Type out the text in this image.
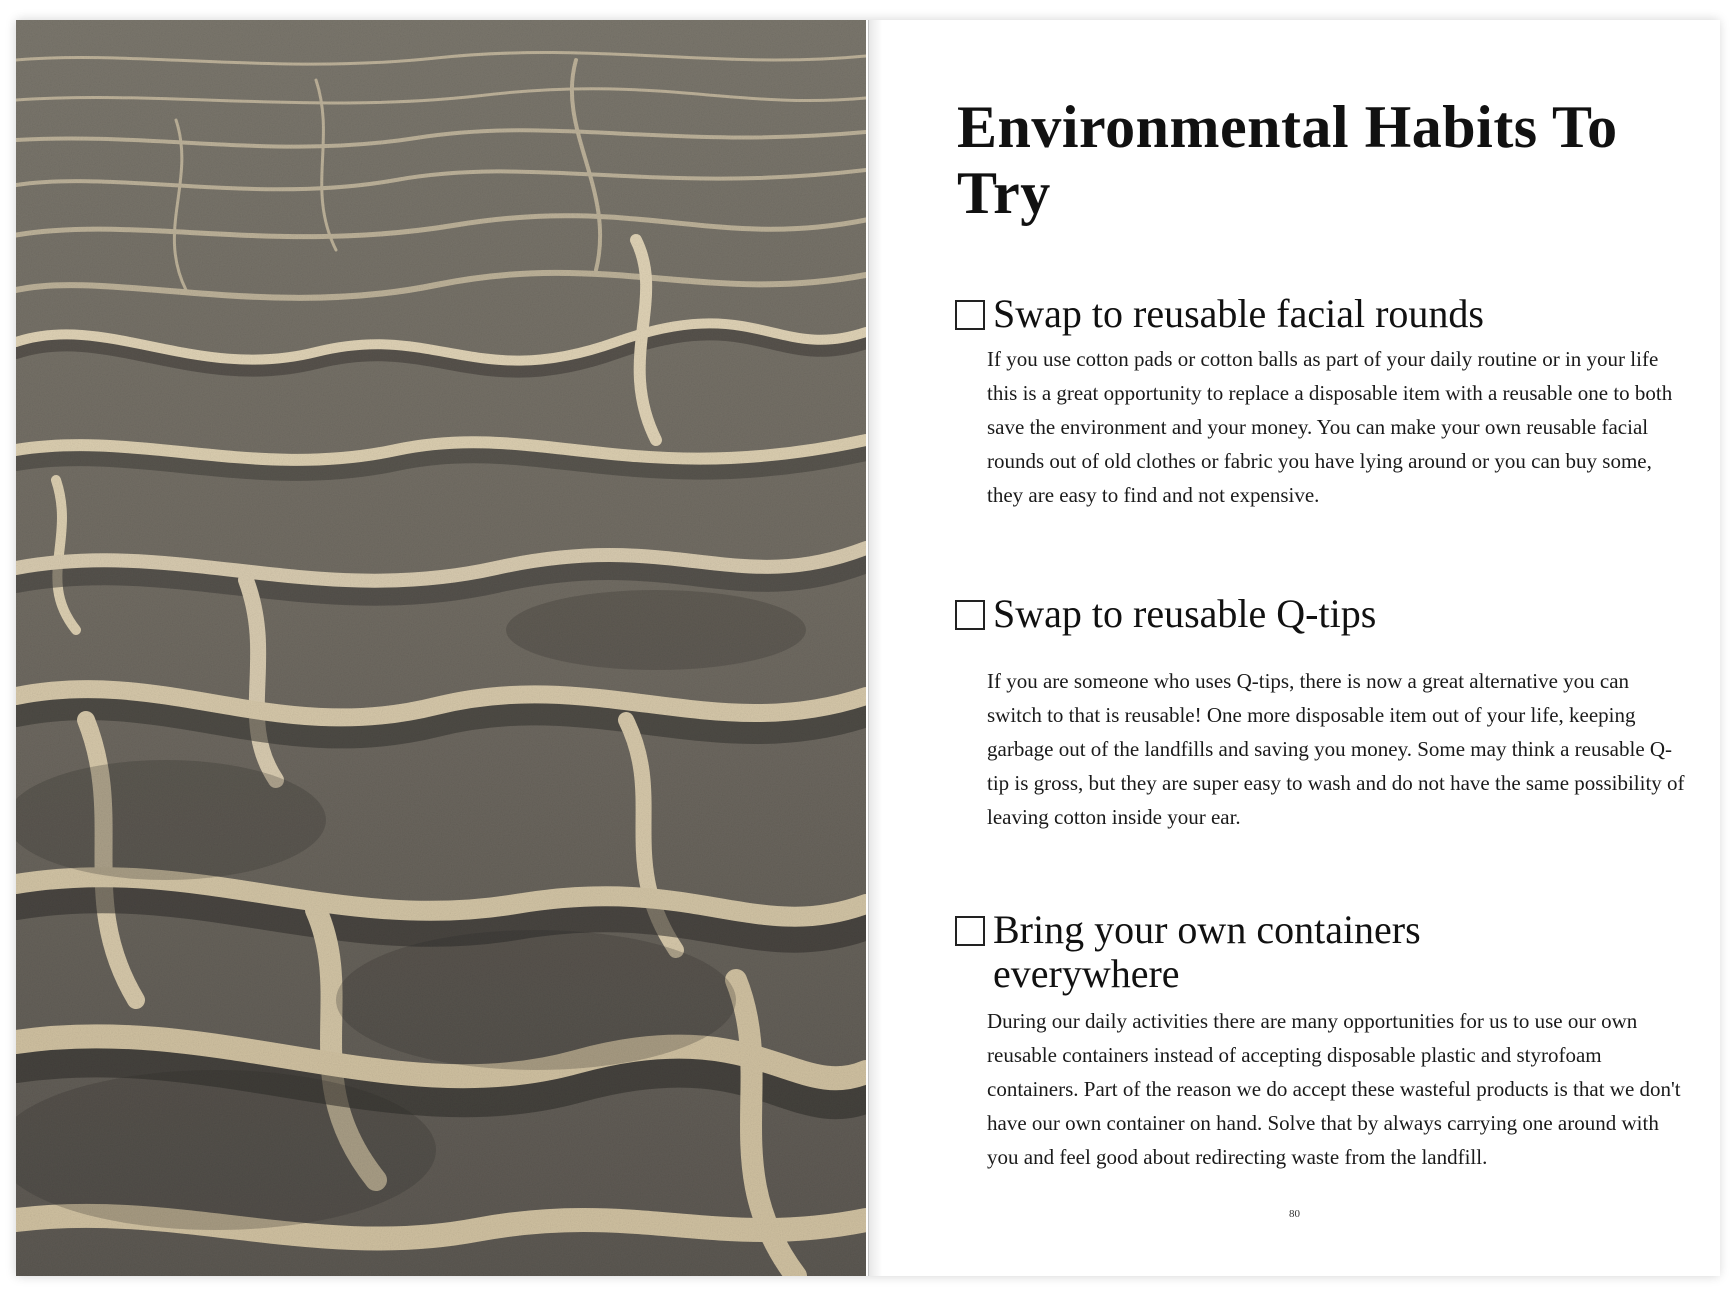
Environmental Habits To Try
Swap to reusable facial rounds

If you use cotton pads or cotton balls as part of your daily routine or in your life this is a great opportunity to replace a disposable item with a reusable one to both save the environment and your money. You can make your own reusable facial rounds out of old clothes or fabric you have lying around or you can buy some, they are easy to find and not expensive.

Swap to reusable Q-tips

If you are someone who uses Q-tips, there is now a great alternative you can switch to that is reusable! One more disposable item out of your life, keeping garbage out of the landfills and saving you money. Some may think a reusable Q-tip is gross, but they are super easy to wash and do not have the same possibility of leaving cotton inside your ear.

Bring your own containers everywhere

During our daily activities there are many opportunities for us to use our own reusable containers instead of accepting disposable plastic and styrofoam containers. Part of the reason we do accept these wasteful products is that we don't have our own container on hand. Solve that by always carrying one around with you and feel good about redirecting waste from the landfill.

80
